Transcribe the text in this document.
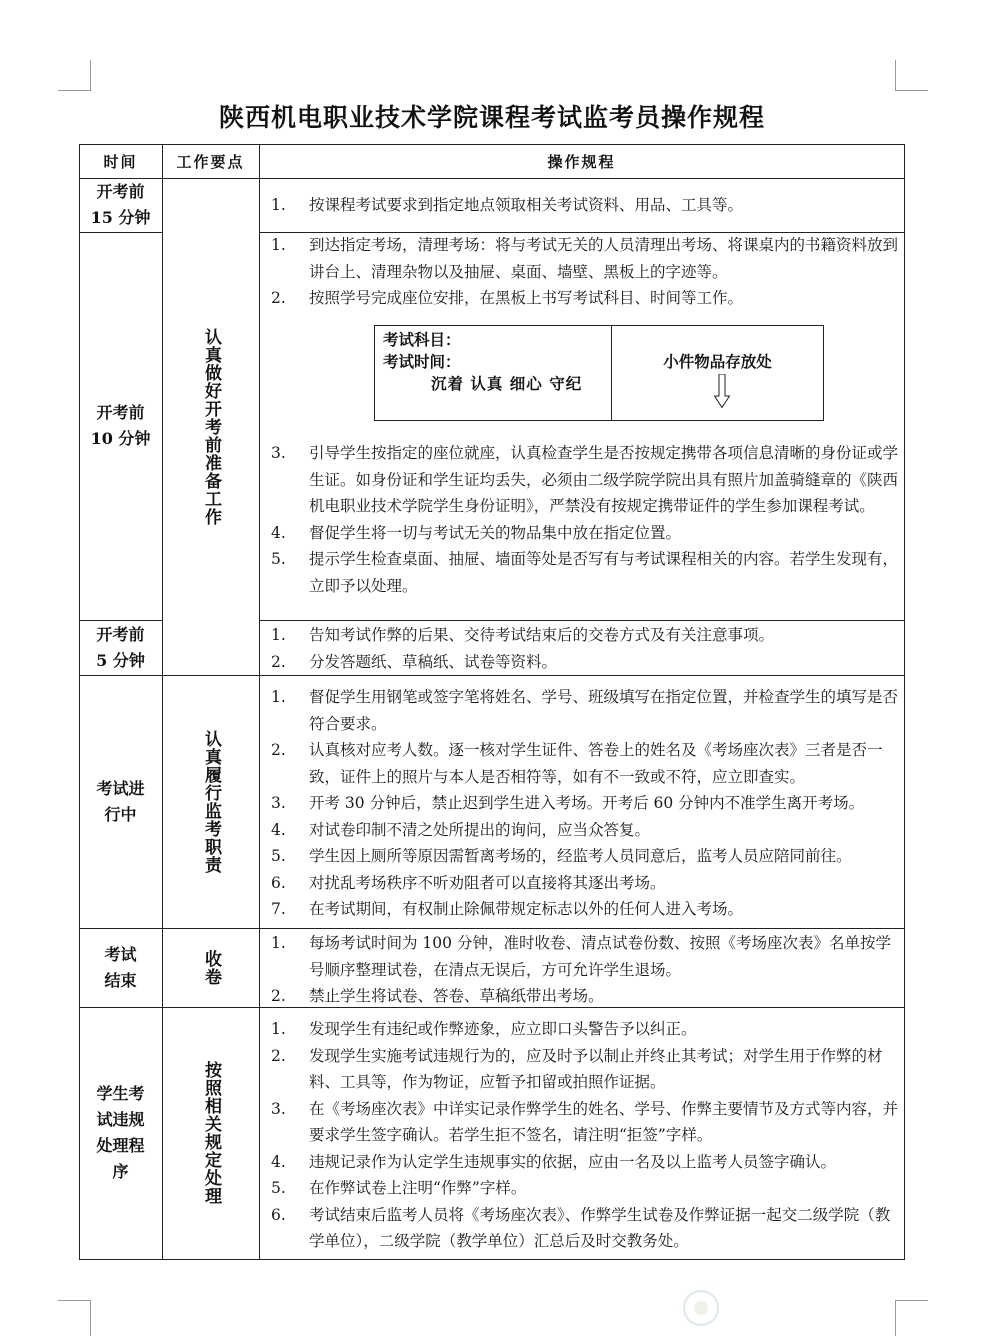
陕西机电职业技术学院课程考试监考员操作规程
时间	工作要点	操作规程
开考前
15 分钟
开考前
10 分钟
开考前
5 分钟
考试进
行中
考试
结束
学生考
试违规
处理程
序
认真做好开考前准备工作
认真履行监考职责
收卷
按照相关规定处理
1. 按课程考试要求到指定地点领取相关考试资料、用品、工具等。
1. 到达指定考场，清理考场：将与考试无关的人员清理出考场、将课桌内的书籍资料放到讲台上、清理杂物以及抽屉、桌面、墙壁、黑板上的字迹等。
2. 按照学号完成座位安排，在黑板上书写考试科目、时间等工作。
考试科目：
考试时间：
沉着 认真 细心 守纪
小件物品存放处
3. 引导学生按指定的座位就座，认真检查学生是否按规定携带各项信息清晰的身份证或学生证。如身份证和学生证均丢失，必须由二级学院学院出具有照片加盖骑缝章的《陕西机电职业技术学院学生身份证明》，严禁没有按规定携带证件的学生参加课程考试。
4. 督促学生将一切与考试无关的物品集中放在指定位置。
5. 提示学生检查桌面、抽屉、墙面等处是否写有与考试课程相关的内容。若学生发现有，立即予以处理。
1. 告知考试作弊的后果、交待考试结束后的交卷方式及有关注意事项。
2. 分发答题纸、草稿纸、试卷等资料。
1. 督促学生用钢笔或签字笔将姓名、学号、班级填写在指定位置，并检查学生的填写是否符合要求。
2. 认真核对应考人数。逐一核对学生证件、答卷上的姓名及《考场座次表》三者是否一致，证件上的照片与本人是否相符等，如有不一致或不符，应立即查实。
3. 开考 30 分钟后，禁止迟到学生进入考场。开考后 60 分钟内不准学生离开考场。
4. 对试卷印制不清之处所提出的询问，应当众答复。
5. 学生因上厕所等原因需暂离考场的，经监考人员同意后，监考人员应陪同前往。
6. 对扰乱考场秩序不听劝阻者可以直接将其逐出考场。
7. 在考试期间，有权制止除佩带规定标志以外的任何人进入考场。
1. 每场考试时间为 100 分钟，准时收卷、清点试卷份数、按照《考场座次表》名单按学号顺序整理试卷，在清点无误后，方可允许学生退场。
2. 禁止学生将试卷、答卷、草稿纸带出考场。
1. 发现学生有违纪或作弊迹象，应立即口头警告予以纠正。
2. 发现学生实施考试违规行为的，应及时予以制止并终止其考试；对学生用于作弊的材料、工具等，作为物证，应暂予扣留或拍照作证据。
3. 在《考场座次表》中详实记录作弊学生的姓名、学号、作弊主要情节及方式等内容，并要求学生签字确认。若学生拒不签名，请注明“拒签”字样。
4. 违规记录作为认定学生违规事实的依据，应由一名及以上监考人员签字确认。
5. 在作弊试卷上注明“作弊”字样。
6. 考试结束后监考人员将《考场座次表》、作弊学生试卷及作弊证据一起交二级学院（教学单位），二级学院（教学单位）汇总后及时交教务处。
